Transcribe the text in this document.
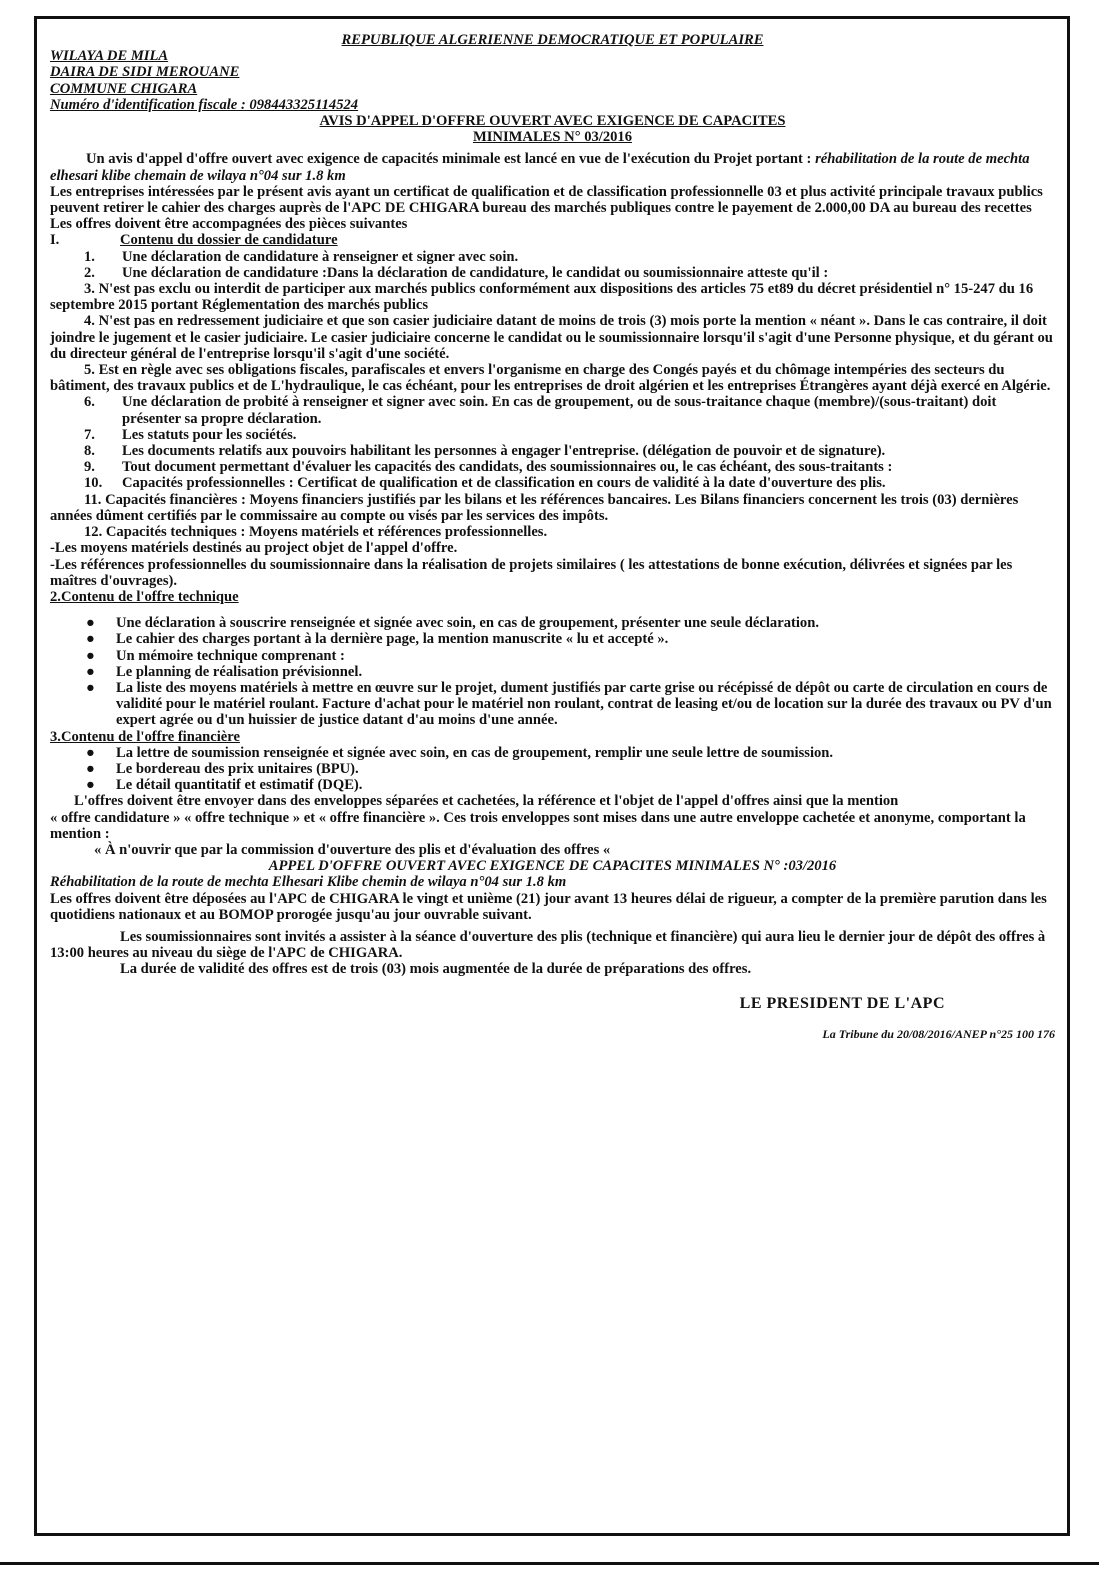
REPUBLIQUE ALGERIENNE DEMOCRATIQUE ET POPULAIRE
WILAYA DE MILA
DAIRA DE SIDI MEROUANE
COMMUNE CHIGARA
Numéro d'identification fiscale : 098443325114524
AVIS D'APPEL D'OFFRE OUVERT AVEC EXIGENCE DE CAPACITES
MINIMALES N° 03/2016

Un avis d'appel d'offre ouvert avec exigence de capacités minimale est lancé en vue de l'exécution du Projet portant : réhabilitation de la route de mechta elhesari klibe chemain de wilaya n°04 sur 1.8 km

Les entreprises intéressées par le présent avis ayant un certificat de qualification et de classification professionnelle 03 et plus activité principale travaux publics peuvent retirer le cahier des charges auprès de l'APC DE CHIGARA bureau des marchés publiques contre le payement de 2.000,00 DA au bureau des recettes

Les offres doivent être accompagnées des pièces suivantes

I.	Contenu du dossier de candidature
1.	Une déclaration de candidature à renseigner et signer avec soin.
2.	Une déclaration de candidature :Dans la déclaration de candidature, le candidat ou soumissionnaire atteste qu'il :

3. N'est pas exclu ou interdit de participer aux marchés publics conformément aux dispositions des articles 75 et89 du décret présidentiel n° 15-247 du 16 septembre 2015 portant Réglementation des marchés publics

4. N'est pas en redressement judiciaire et que son casier judiciaire datant de moins de trois (3) mois porte la mention « néant ». Dans le cas contraire, il doit joindre le jugement et le casier judiciaire. Le casier judiciaire concerne le candidat ou le soumissionnaire lorsqu'il s'agit d'une Personne physique, et du gérant ou du directeur général de l'entreprise lorsqu'il s'agit d'une société.

5. Est en règle avec ses obligations fiscales, parafiscales et envers l'organisme en charge des Congés payés et du chômage intempéries des secteurs du bâtiment, des travaux publics et de L'hydraulique, le cas échéant, pour les entreprises de droit algérien et les entreprises Étrangères ayant déjà exercé en Algérie.

6.	Une déclaration de probité à renseigner et signer avec soin. En cas de groupement, ou de sous-traitance chaque (membre)/(sous-traitant) doit présenter sa propre déclaration.
7.	Les statuts pour les sociétés.
8.	Les documents relatifs aux pouvoirs habilitant les personnes à engager l'entreprise. (délégation de pouvoir et de signature).
9.	Tout document permettant d'évaluer les capacités des candidats, des soumissionnaires ou, le cas échéant, des sous-traitants :
10.	Capacités professionnelles : Certificat de qualification et de classification en cours de validité à la date d'ouverture des plis.

11. Capacités financières : Moyens financiers justifiés par les bilans et les références bancaires. Les Bilans financiers concernent les trois (03) dernières années dûment certifiés par le commissaire au compte ou visés par les services des impôts.

12. Capacités techniques : Moyens matériels et références professionnelles.

-Les moyens matériels destinés au project objet de l'appel d'offre.

-Les références professionnelles du soumissionnaire dans la réalisation de projets similaires ( les attestations de bonne exécution, délivrées et signées par les maîtres d'ouvrages).

2.Contenu de l'offre technique
●	Une déclaration à souscrire renseignée et signée avec soin, en cas de groupement, présenter une seule déclaration.
●	Le cahier des charges portant à la dernière page, la mention manuscrite « lu et accepté ».
●	Un mémoire technique comprenant :
●	Le planning de réalisation prévisionnel.
●	La liste des moyens matériels à mettre en œuvre sur le projet, dument justifiés par carte grise ou récépissé de dépôt ou carte de circulation en cours de validité pour le matériel roulant. Facture d'achat pour le matériel non roulant, contrat de leasing et/ou de location sur la durée des travaux ou PV d'un expert agrée ou d'un huissier de justice datant d'au moins d'une année.
3.Contenu de l'offre financière
●	La lettre de soumission renseignée et signée avec soin, en cas de groupement, remplir une seule lettre de soumission.
●	Le bordereau des prix unitaires (BPU).
●	Le détail quantitatif et estimatif (DQE).

L'offres doivent être envoyer dans des enveloppes séparées et cachetées, la référence et l'objet de l'appel d'offres ainsi que la mention

« offre candidature » « offre technique » et « offre financière ». Ces trois enveloppes sont mises dans une autre enveloppe cachetée et anonyme, comportant la mention :

« À n'ouvrir que par la commission d'ouverture des plis et d'évaluation des offres «

APPEL D'OFFRE OUVERT AVEC EXIGENCE DE CAPACITES MINIMALES N° :03/2016

Réhabilitation de la route de mechta Elhesari Klibe chemin de wilaya n°04 sur 1.8 km

Les offres doivent être déposées au l'APC de CHIGARA le vingt et unième (21) jour avant 13 heures délai de rigueur, a compter de la première parution dans les quotidiens nationaux et au BOMOP prorogée jusqu'au jour ouvrable suivant.

Les soumissionnaires sont invités a assister à la séance d'ouverture des plis (technique et financière) qui aura lieu le dernier jour de dépôt des offres à 13:00 heures au niveau du siège de l'APC de CHIGARA.

La durée de validité des offres est de trois (03) mois augmentée de la durée de préparations des offres.

LE PRESIDENT DE L'APC
La Tribune du 20/08/2016/ANEP n°25 100 176
